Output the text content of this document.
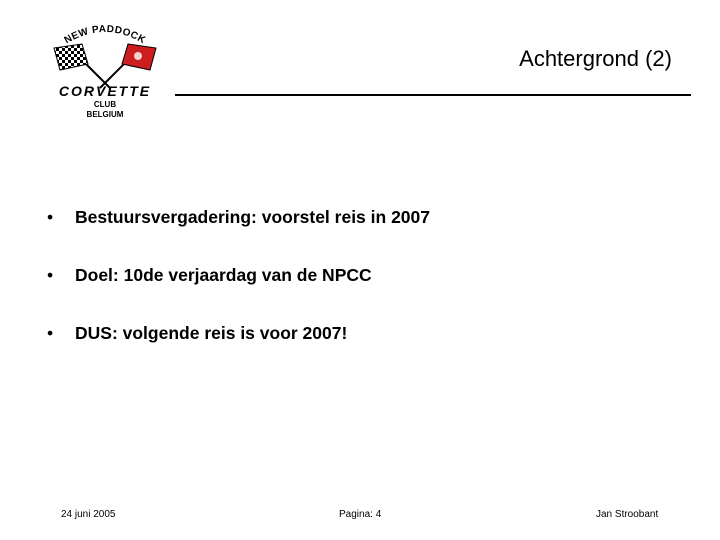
NEW PADDOCK
CORVETTE
CLUB
BELGIUM
Achtergrond (2)
•	Bestuursvergadering: voorstel reis in 2007
•	Doel: 10de verjaardag van de NPCC
•	DUS: volgende reis is voor 2007!
24 juni 2005	Pagina: 4	Jan Stroobant
